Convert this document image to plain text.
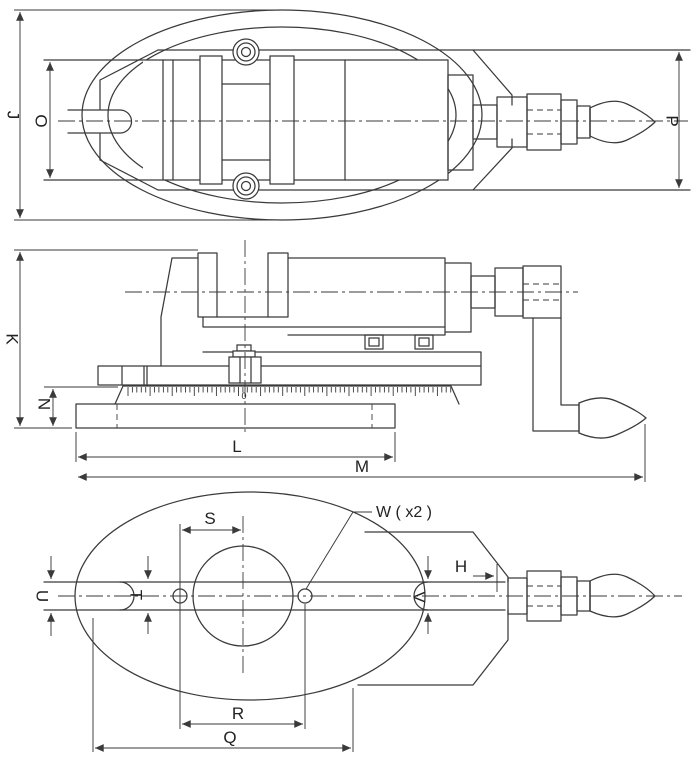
J O	P
0
K
N
L
M
S	W ( x2 )
H
U	T	V
R
Q
